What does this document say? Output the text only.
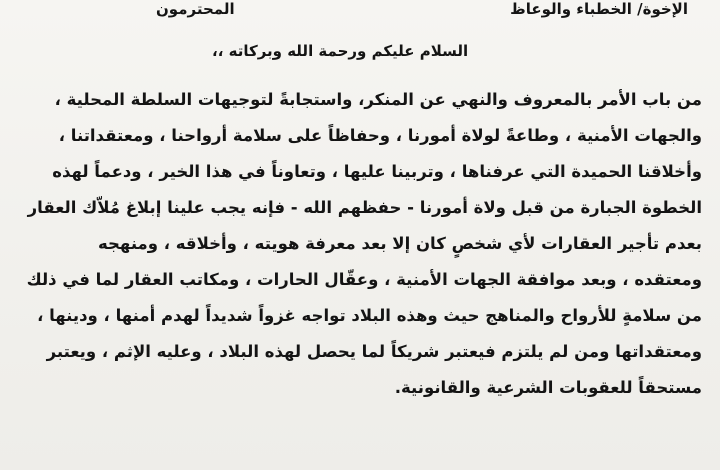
الإخوة/ الخطباء والوعاظ
المحترمون
السلام عليكم ورحمة الله وبركاته ،،
من باب الأمر بالمعروف والنهي عن المنكر، واستجابةً لتوجيهات السلطة المحلية ،
والجهات الأمنية ، وطاعةً لولاة أمورنا ، وحفاظاً على سلامة أرواحنا ، ومعتقداتنا ،
وأخلاقنا الحميدة التي عرفناها ، وتربينا عليها ، وتعاوناً في هذا الخير ، ودعماً لهذه
الخطوة الجبارة من قبل ولاة أمورنا - حفظهم الله - فإنه يجب علينا إبلاغ مُلاّك العقار
بعدم تأجير العقارات لأي شخصٍ كان إلا بعد معرفة هويته ، وأخلاقه ، ومنهجه
ومعتقده ، وبعد موافقة الجهات الأمنية ، وعقّال الحارات ، ومكاتب العقار لما في ذلك
من سلامةٍ للأرواح والمناهج حيث وهذه البلاد تواجه غزواً شديداً لهدم أمنها ، ودينها ،
ومعتقداتها ومن لم يلتزم فيعتبر شريكاً لما يحصل لهذه البلاد ، وعليه الإثم ، ويعتبر
مستحقاً للعقوبات الشرعية والقانونية.
